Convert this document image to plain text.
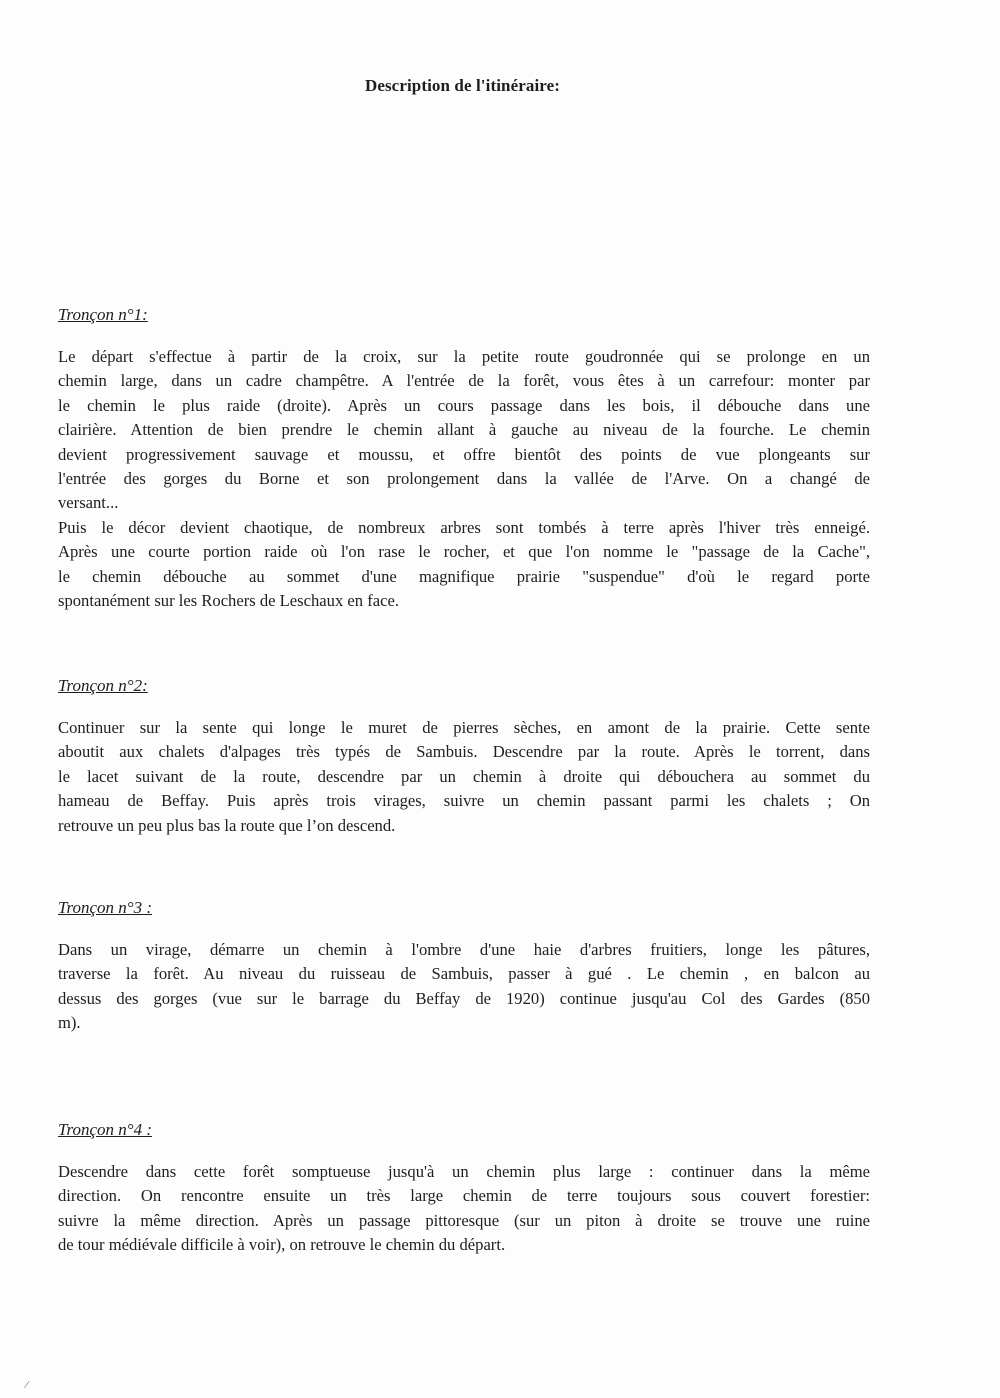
Description de l'itinéraire:
Tronçon n°1:
Le départ s'effectue à partir de la croix, sur la petite route goudronnée qui se prolonge en un
chemin large, dans un cadre champêtre. A l'entrée de la forêt, vous êtes à un carrefour: monter par
le chemin le plus raide (droite). Après un cours passage dans les bois, il débouche dans une
clairière. Attention de bien prendre le chemin allant à gauche au niveau de la fourche. Le chemin
devient progressivement sauvage et moussu, et offre bientôt des points de vue plongeants sur
l'entrée des gorges du Borne et son prolongement dans la vallée de l'Arve. On a changé de
versant...
Puis le décor devient chaotique, de nombreux arbres sont tombés à terre après l'hiver très enneigé.
Après une courte portion raide où l'on rase le rocher, et que l'on nomme le "passage de la Cache",
le chemin débouche au sommet d'une magnifique prairie "suspendue" d'où le regard porte
spontanément sur les Rochers de Leschaux en face.
Tronçon n°2:
Continuer sur la sente qui longe le muret de pierres sèches, en amont de la prairie. Cette sente
aboutit aux chalets d'alpages très typés de Sambuis. Descendre par la route. Après le torrent, dans
le lacet suivant de la route, descendre par un chemin à droite qui débouchera au sommet du
hameau de Beffay. Puis après trois virages, suivre un chemin passant parmi les chalets ; On
retrouve un peu plus bas la route que l’on descend.
Tronçon n°3 :
Dans un virage, démarre un chemin à l'ombre d'une haie d'arbres fruitiers, longe les pâtures,
traverse la forêt. Au niveau du ruisseau de Sambuis, passer à gué . Le chemin , en balcon au
dessus des gorges (vue sur le barrage du Beffay de 1920) continue jusqu'au Col des Gardes (850
m).
Tronçon n°4 :
Descendre dans cette forêt somptueuse jusqu'à un chemin plus large : continuer dans la même
direction. On rencontre ensuite un très large chemin de terre toujours sous couvert forestier:
suivre la même direction. Après un passage pittoresque (sur un piton à droite se trouve une ruine
de tour médiévale difficile à voir), on retrouve le chemin du départ.
⁄
